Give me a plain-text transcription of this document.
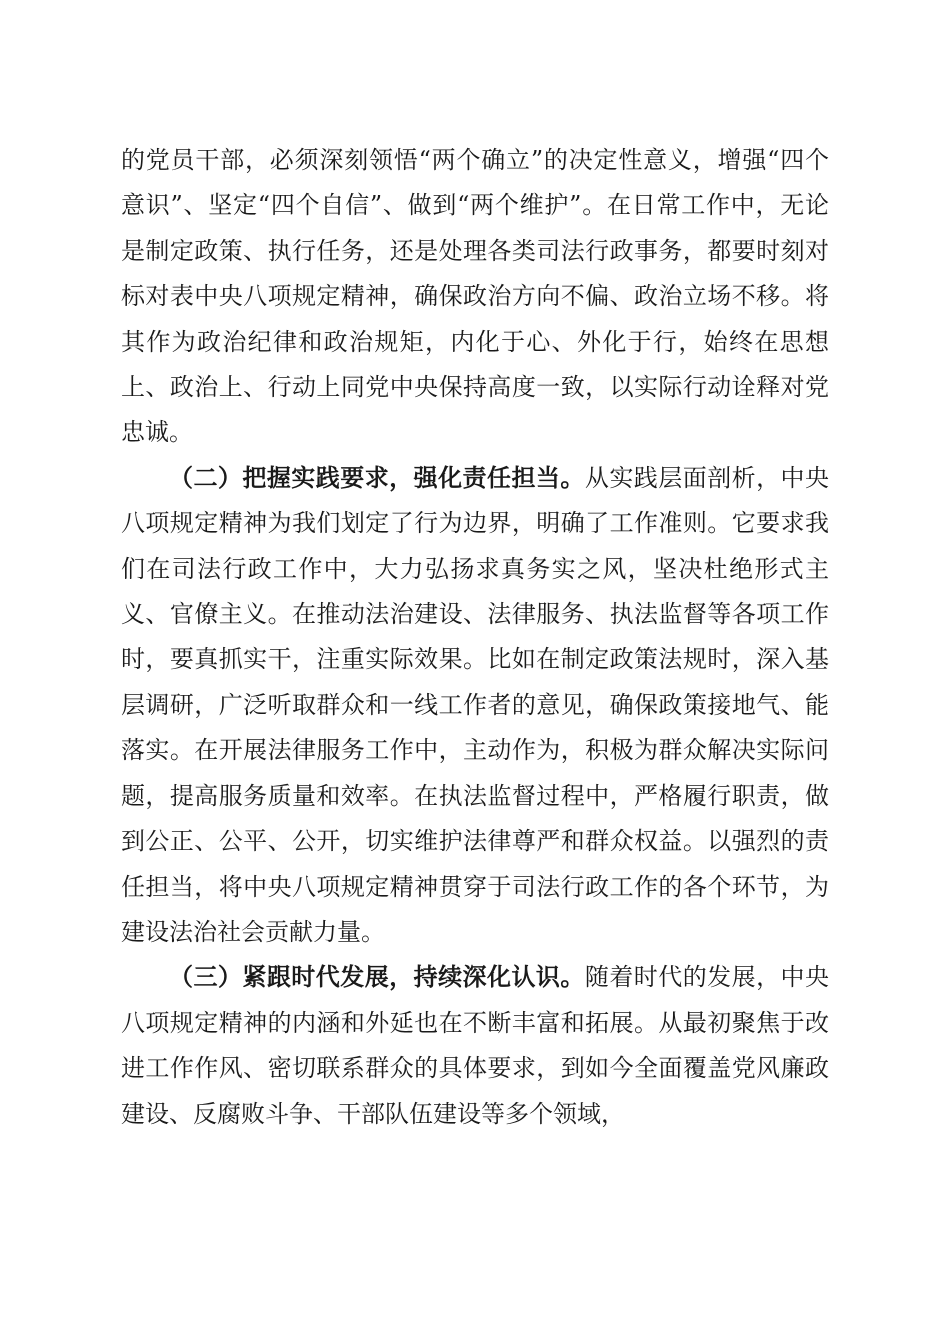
的党员干部，必须深刻领悟“两个确立”的决定性意义，增强“四个意识”、坚定“四个自信”、做到“两个维护”。在日常工作中，无论是制定政策、执行任务，还是处理各类司法行政事务，都要时刻对标对表中央八项规定精神，确保政治方向不偏、政治立场不移。将其作为政治纪律和政治规矩，内化于心、外化于行，始终在思想上、政治上、行动上同党中央保持高度一致，以实际行动诠释对党忠诚。

（二）把握实践要求，强化责任担当。从实践层面剖析，中央八项规定精神为我们划定了行为边界，明确了工作准则。它要求我们在司法行政工作中，大力弘扬求真务实之风，坚决杜绝形式主义、官僚主义。在推动法治建设、法律服务、执法监督等各项工作时，要真抓实干，注重实际效果。比如在制定政策法规时，深入基层调研，广泛听取群众和一线工作者的意见，确保政策接地气、能落实。在开展法律服务工作中，主动作为，积极为群众解决实际问题，提高服务质量和效率。在执法监督过程中，严格履行职责，做到公正、公平、公开，切实维护法律尊严和群众权益。以强烈的责任担当，将中央八项规定精神贯穿于司法行政工作的各个环节，为建设法治社会贡献力量。

（三）紧跟时代发展，持续深化认识。随着时代的发展，中央八项规定精神的内涵和外延也在不断丰富和拓展。从最初聚焦于改进工作作风、密切联系群众的具体要求，到如今全面覆盖党风廉政建设、反腐败斗争、干部队伍建设等多个领域，
